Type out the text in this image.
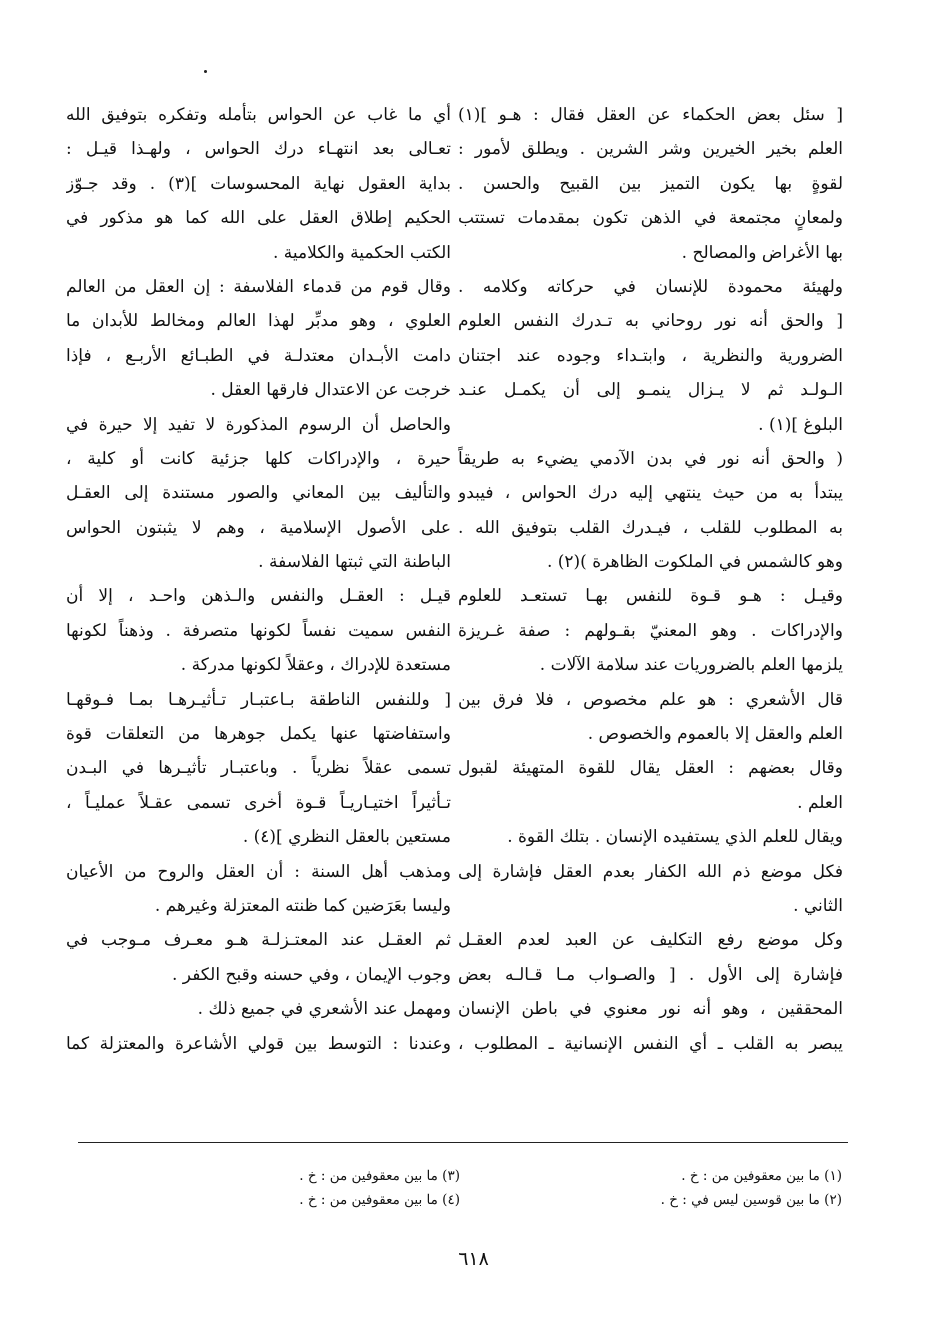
[ سئل بعض الحكماء عن العقل فقال : هـو ](١)
العلم بخير الخيرين وشر الشرين . ويطلق لأمور :
لقوةٍ بها يكون التميز بين القبيح والحسن .
ولمعانٍ مجتمعة في الذهن تكون بمقدمات تستتب
بها الأغراض والمصالح .
ولهيئة محمودة للإنسان في حركاته وكلامه .
[ والحق أنه نور روحاني به تـدرك النفس العلوم
الضرورية والنظرية ، وابتـداء وجوده عند اجتنان
الـولـد ثم لا يـزال ينمـو إلى أن يكمـل عنـد
البلوغ ](١) .
( والحق أنه نور في بدن الآدمي يضيء به طريقاً
يبتدأ به من حيث ينتهي إليه درك الحواس ، فيبدو
به المطلوب للقلب ، فيـدرك القلب بتوفيق الله .
وهو كالشمس في الملكوت الظاهرة )(٢) .
وقيـل : هـو قـوة للنفس بهـا تستعـد للعلوم
والإدراكات . وهو المعنيّ بقـولهم : صفة غـريزة
يلزمها العلم بالضروريات عند سلامة الآلات .
قال الأشعري : هو علم مخصوص ، فلا فرق بين
العلم والعقل إلا بالعموم والخصوص .
وقال بعضهم : العقل يقال للقوة المتهيئة لقبول
العلم .
ويقال للعلم الذي يستفيده الإنسان . بتلك القوة .
فكل موضع ذم الله الكفار بعدم العقل فإشارة إلى
الثاني .
وكل موضع رفع التكليف عن العبد لعدم العقـل
فإشارة إلى الأول . [ والصـواب مـا قـالـه بعض
المحققين ، وهو أنه نور معنوي في باطن الإنسان
يبصر به القلب ـ أي النفس الإنسانية ـ المطلوب ،
أي ما غاب عن الحواس بتأمله وتفكره بتوفيق الله
تعـالى بعد انتهـاء درك الحواس ، ولهـذا قيـل :
بداية العقول نهاية المحسوسات ](٣) . وقد جـوّز
الحكيم إطلاق العقل على الله كما هو مذكور في
الكتب الحكمية والكلامية .
وقال قوم من قدماء الفلاسفة : إن العقل من العالم
العلوي ، وهو مدبِّر لهذا العالم ومخالط للأبدان ما
دامت الأبـدان معتدلـة في الطبـائع الأربـع ، فإذا
خرجت عن الاعتدال فارقها العقل .
والحاصل أن الرسوم المذكورة لا تفيد إلا حيرة في
حيرة ، والإدراكات كلها جزئية كانت أو كلية ،
والتأليف بين المعاني والصور مستندة إلى العقـل
على الأصول الإسلامية ، وهم لا يثبتون الحواس
الباطنة التي ثبتها الفلاسفة .
قيـل : العقـل والنفس والـذهن واحـد ، إلا أن
النفس سميت نفساً لكونها متصرفة . وذهناً لكونها
مستعدة للإدراك ، وعقلاً لكونها مدركة .
[ وللنفس الناطقة بـاعتبـار تـأثيـرهـا بمـا فـوقهـا
واستفاضتها عنها يكمل جوهرها من التعلقات قوة
تسمى عقلاً نظرياً . وباعتبـار تأثيـرها في البـدن
تـأثيراً اختيـاريـاً قـوة أخرى تسمى عقـلاً عمليـاً ،
مستعين بالعقل النظري ](٤) .
ومذهب أهل السنة : أن العقل والروح من الأعيان
وليسا بعَرَضين كما ظنته المعتزلة وغيرهم .
ثم العقـل عند المعتـزلـة هـو معـرف مـوجب في
وجوب الإيمان ، وفي حسنه وقبح الكفر .
ومهمل عند الأشعري في جميع ذلك .
وعندنا : التوسط بين قولي الأشاعرة والمعتزلة كما
(١) ما بين معقوفين من : خ .
(٢) ما بين قوسين ليس في : خ .
(٣) ما بين معقوفين من : خ .
(٤) ما بين معقوفين من : خ .
٦١٨
